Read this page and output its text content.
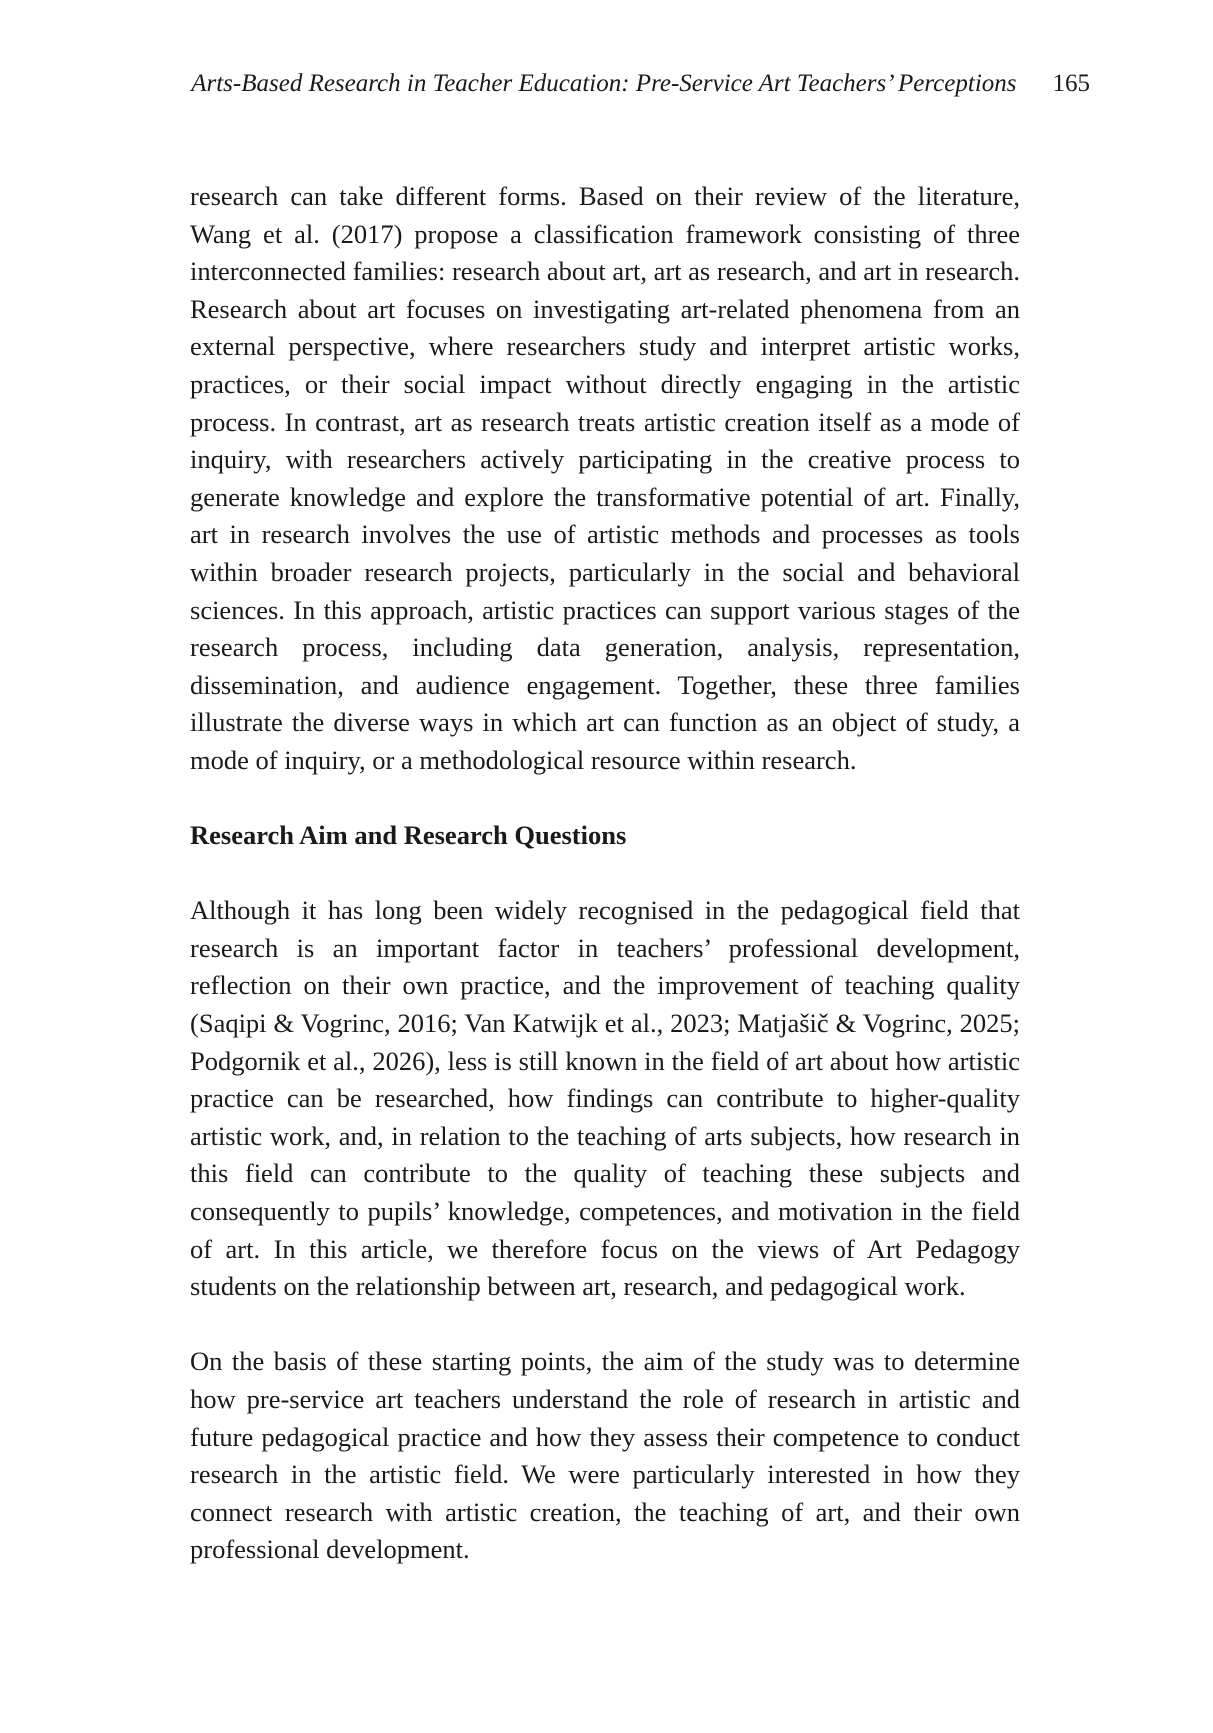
Arts-Based Research in Teacher Education: Pre-Service Art Teachers’ Perceptions 165

research can take different forms. Based on their review of the literature, Wang et al. (2017) propose a classification framework consisting of three interconnected families: research about art, art as research, and art in research. Research about art focuses on investigating art-related phenomena from an external perspective, where researchers study and interpret artistic works, practices, or their social impact without directly engaging in the artistic process. In contrast, art as research treats artistic creation itself as a mode of inquiry, with researchers actively participating in the creative process to generate knowledge and explore the transformative potential of art. Finally, art in research involves the use of artistic methods and processes as tools within broader research projects, particularly in the social and behavioral sciences. In this approach, artistic practices can support various stages of the research process, including data generation, analysis, representation, dissemination, and audience engagement. Together, these three families illustrate the diverse ways in which art can function as an object of study, a mode of inquiry, or a methodological resource within research.

Research Aim and Research Questions

Although it has long been widely recognised in the pedagogical field that research is an important factor in teachers’ professional development, reflection on their own practice, and the improvement of teaching quality (Saqipi & Vogrinc, 2016; Van Katwijk et al., 2023; Matjašič & Vogrinc, 2025; Podgornik et al., 2026), less is still known in the field of art about how artistic practice can be researched, how findings can contribute to higher-quality artistic work, and, in relation to the teaching of arts subjects, how research in this field can contribute to the quality of teaching these subjects and consequently to pupils’ knowledge, competences, and motivation in the field of art. In this article, we therefore focus on the views of Art Pedagogy students on the relationship between art, research, and pedagogical work.

On the basis of these starting points, the aim of the study was to determine how pre-service art teachers understand the role of research in artistic and future pedagogical practice and how they assess their competence to conduct research in the artistic field. We were particularly interested in how they connect research with artistic creation, the teaching of art, and their own professional development.
